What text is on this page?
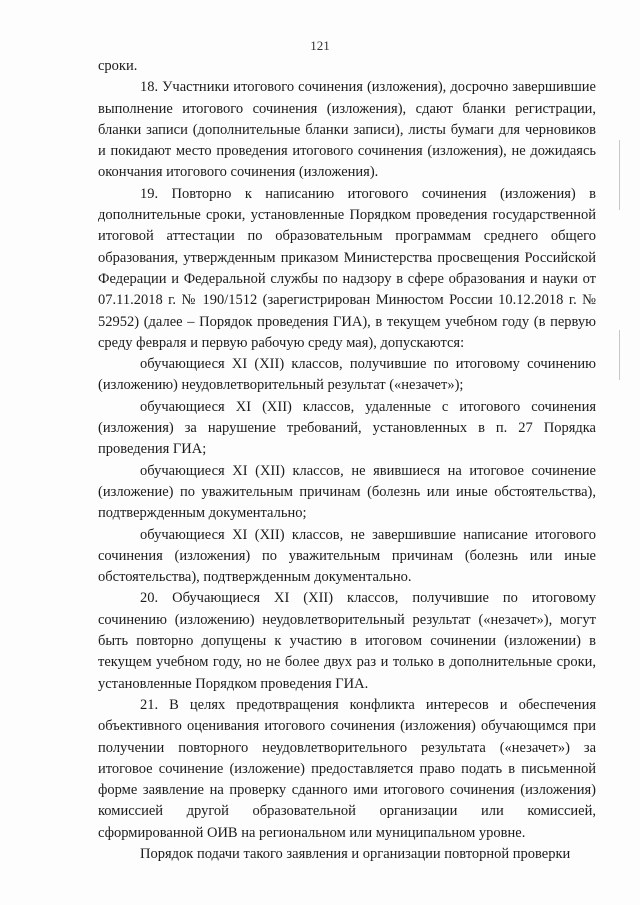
121

сроки.

18. Участники итогового сочинения (изложения), досрочно завершившие выполнение итогового сочинения (изложения), сдают бланки регистрации, бланки записи (дополнительные бланки записи), листы бумаги для черновиков и покидают место проведения итогового сочинения (изложения), не дожидаясь окончания итогового сочинения (изложения).

19. Повторно к написанию итогового сочинения (изложения) в дополнительные сроки, установленные Порядком проведения государственной итоговой аттестации по образовательным программам среднего общего образования, утвержденным приказом Министерства просвещения Российской Федерации и Федеральной службы по надзору в сфере образования и науки от 07.11.2018 г. № 190/1512 (зарегистрирован Минюстом России 10.12.2018 г. № 52952) (далее – Порядок проведения ГИА), в текущем учебном году (в первую среду февраля и первую рабочую среду мая), допускаются:

обучающиеся XI (XII) классов, получившие по итоговому сочинению (изложению) неудовлетворительный результат («незачет»);

обучающиеся XI (XII) классов, удаленные с итогового сочинения (изложения) за нарушение требований, установленных в п. 27 Порядка проведения ГИА;

обучающиеся XI (XII) классов, не явившиеся на итоговое сочинение (изложение) по уважительным причинам (болезнь или иные обстоятельства), подтвержденным документально;

обучающиеся XI (XII) классов, не завершившие написание итогового сочинения (изложения) по уважительным причинам (болезнь или иные обстоятельства), подтвержденным документально.

20. Обучающиеся XI (XII) классов, получившие по итоговому сочинению (изложению) неудовлетворительный результат («незачет»), могут быть повторно допущены к участию в итоговом сочинении (изложении) в текущем учебном году, но не более двух раз и только в дополнительные сроки, установленные Порядком проведения ГИА.

21. В целях предотвращения конфликта интересов и обеспечения объективного оценивания итогового сочинения (изложения) обучающимся при получении повторного неудовлетворительного результата («незачет») за итоговое сочинение (изложение) предоставляется право подать в письменной форме заявление на проверку сданного ими итогового сочинения (изложения) комиссией другой образовательной организации или комиссией, сформированной ОИВ на региональном или муниципальном уровне.

Порядок подачи такого заявления и организации повторной проверки
